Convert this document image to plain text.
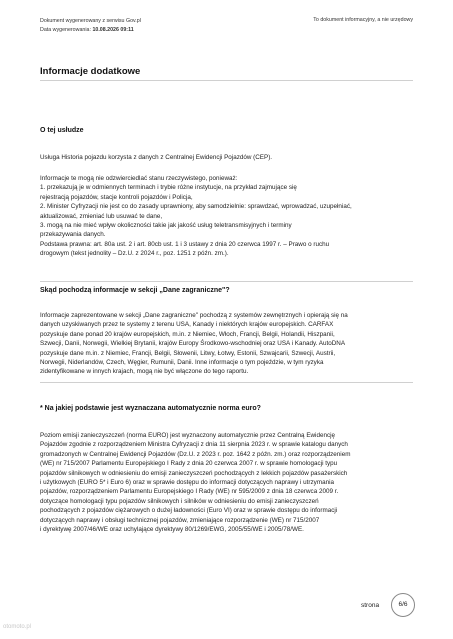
Dokument wygenerowany z serwisu Gov.pl
Data wygenerowania: 10.08.2026 09:11
To dokument informacyjny, a nie urzędowy
Informacje dodatkowe
O tej usłudze

Usługa Historia pojazdu korzysta z danych z Centralnej Ewidencji Pojazdów (CEP).

Informacje te mogą nie odzwierciedlać stanu rzeczywistego, ponieważ:

1. przekazują je w odmiennych terminach i trybie różne instytucje, na przykład zajmujące się

rejestracją pojazdów, stacje kontroli pojazdów i Policja,

2. Minister Cyfryzacji nie jest co do zasady uprawniony, aby samodzielnie: sprawdzać, wprowadzać, uzupełniać,

aktualizować, zmieniać lub usuwać te dane,

3. mogą na nie mieć wpływ okoliczności takie jak jakość usług teletransmisyjnych i terminy

przekazywania danych.

Podstawa prawna: art. 80a ust. 2 i art. 80cb ust. 1 i 3 ustawy z dnia 20 czerwca 1997 r. – Prawo o ruchu

drogowym (tekst jednolity – Dz.U. z 2024 r., poz. 1251 z późn. zm.).

Skąd pochodzą informacje w sekcji „Dane zagraniczne"?

Informacje zaprezentowane w sekcji „Dane zagraniczne" pochodzą z systemów zewnętrznych i opierają się na

danych uzyskiwanych przez te systemy z terenu USA, Kanady i niektórych krajów europejskich. CARFAX

pozyskuje dane ponad 20 krajów europejskich, m.in. z Niemiec, Włoch, Francji, Belgii, Holandii, Hiszpanii,

Szwecji, Danii, Norwegii, Wielkiej Brytanii, krajów Europy Środkowo-wschodniej oraz USA i Kanady. AutoDNA

pozyskuje dane m.in. z Niemiec, Francji, Belgii, Słowenii, Litwy, Łotwy, Estonii, Szwajcarii, Szwecji, Austrii,

Norwegii, Niderlandów, Czech, Węgier, Rumunii, Danii. Inne informacje o tym pojeździe, w tym ryzyka

zidentyfikowane w innych krajach, mogą nie być włączone do tego raportu.

* Na jakiej podstawie jest wyznaczana automatycznie norma euro?

Poziom emisji zanieczyszczeń (norma EURO) jest wyznaczony automatycznie przez Centralną Ewidencję

Pojazdów zgodnie z rozporządzeniem Ministra Cyfryzacji z dnia 11 sierpnia 2023 r. w sprawie katalogu danych

gromadzonych w Centralnej Ewidencji Pojazdów (Dz.U. z 2023 r. poz. 1642 z późn. zm.) oraz rozporządzeniem

(WE) nr 715/2007 Parlamentu Europejskiego I Rady z dnia 20 czerwca 2007 r. w sprawie homologacji typu

pojazdów silnikowych w odniesieniu do emisji zanieczyszczeń pochodzących z lekkich pojazdów pasażerskich

i użytkowych (EURO 5* i Euro 6) oraz w sprawie dostępu do informacji dotyczących naprawy i utrzymania

pojazdów, rozporządzeniem Parlamentu Europejskiego I Rady (WE) nr 595/2009 z dnia 18 czerwca 2009 r.

dotyczące homologacji typu pojazdów silnikowych i silników w odniesieniu do emisji zanieczyszczeń

pochodzących z pojazdów ciężarowych o dużej ładowności (Euro VI) oraz w sprawie dostępu do informacji

dotyczących naprawy i obsługi technicznej pojazdów, zmieniające rozporządzenie (WE) nr 715/2007

i dyrektywę 2007/46/WE oraz uchylające dyrektywy 80/1269/EWG, 2005/55/WE i 2005/78/WE.

strona	6/6
otomoto.pl
